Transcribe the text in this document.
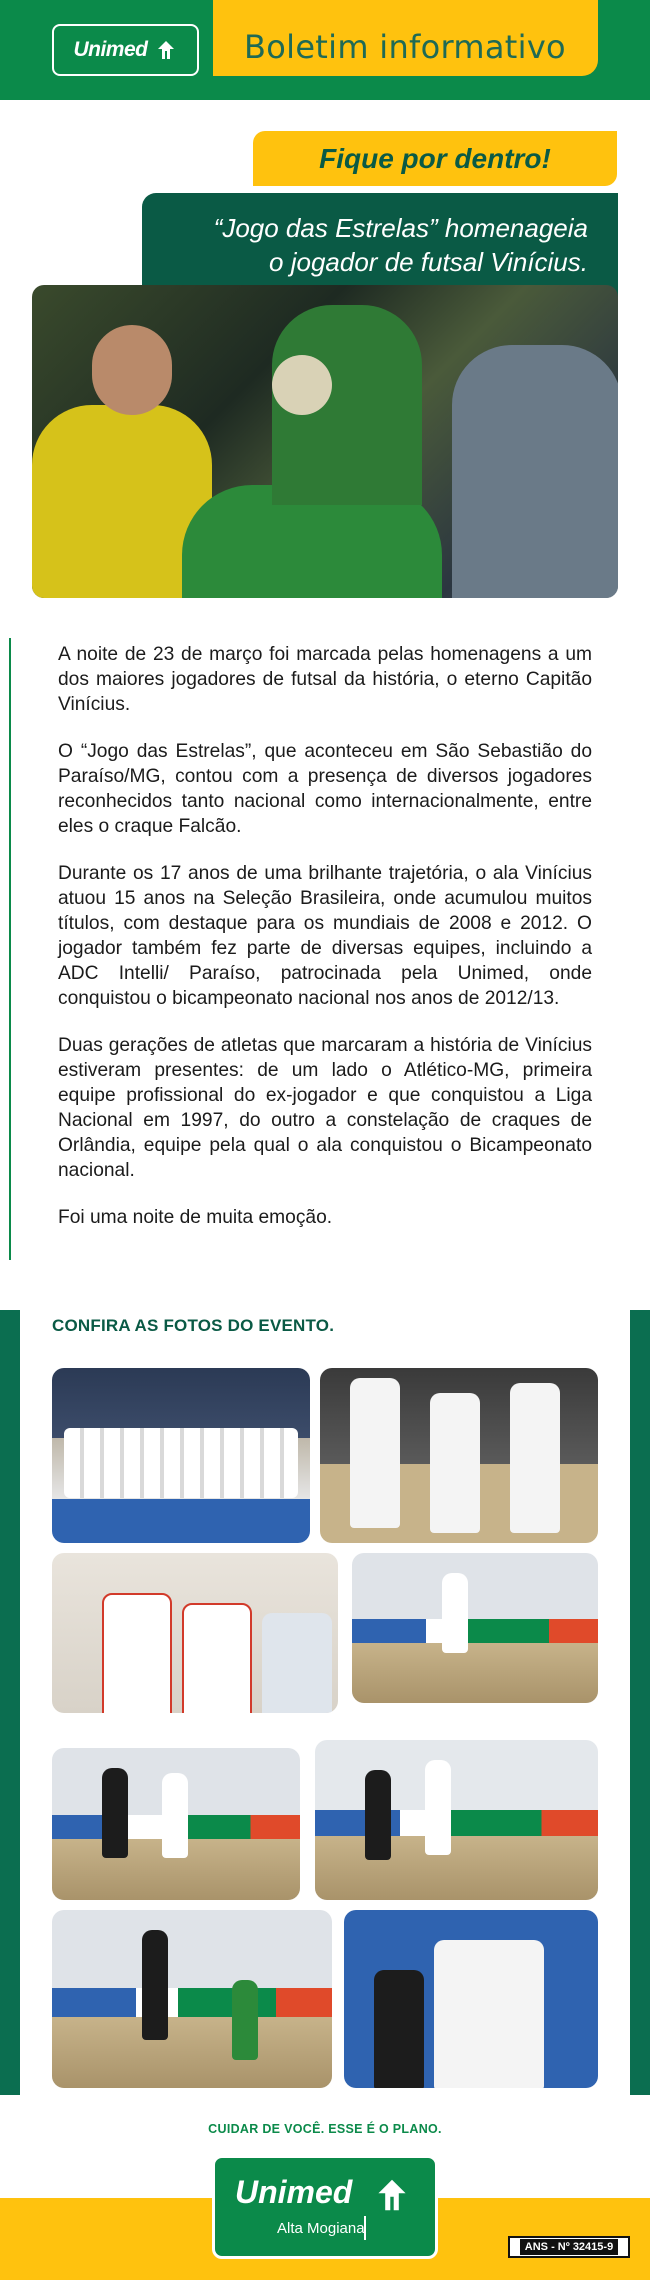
Unimed	Boletim informativo
Fique por dentro!
“Jogo das Estrelas” homenageia
o jogador de futsal Vinícius.

A noite de 23 de março foi marcada pelas homenagens a um dos maiores jogadores de futsal da história, o eterno Capitão Vinícius.

O “Jogo das Estrelas”, que aconteceu em São Sebastião do Paraíso/MG, contou com a presença de diversos jogadores reconhecidos tanto nacional como internacionalmente, entre eles o craque Falcão.

Durante os 17 anos de uma brilhante trajetória, o ala Vinícius atuou 15 anos na Seleção Brasileira, onde acumulou muitos títulos, com destaque para os mundiais de 2008 e 2012. O jogador também fez parte de diversas equipes, incluindo a ADC Intelli/ Paraíso, patrocinada pela Unimed, onde conquistou o bicampeonato nacional nos anos de 2012/13.

Duas gerações de atletas que marcaram a história de Vinícius estiveram presentes: de um lado o Atlético-MG, primeira equipe profissional do ex-jogador e que conquistou a Liga Nacional em 1997, do outro a constelação de craques de Orlândia, equipe pela qual o ala conquistou o Bicampeonato nacional.

Foi uma noite de muita emoção.

CONFIRA AS FOTOS DO EVENTO.
CUIDAR DE VOCÊ. ESSE É O PLANO.
Unimed
Alta Mogiana
ANS - Nº 32415-9
